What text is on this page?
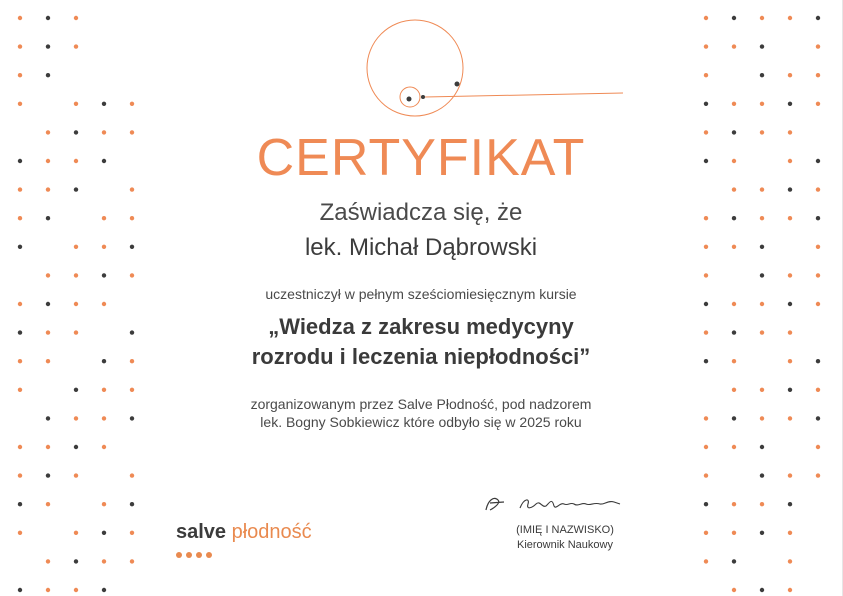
CERTYFIKAT
Zaświadcza się, że
lek. Michał Dąbrowski
uczestniczył w pełnym sześciomiesięcznym kursie
„Wiedza z zakresu medycyny
rozrodu i leczenia niepłodności”
zorganizowanym przez Salve Płodność, pod nadzorem
lek. Bogny Sobkiewicz które odbyło się w 2025 roku
salve płodność	(IMIĘ I NAZWISKO)
Kierownik Naukowy
